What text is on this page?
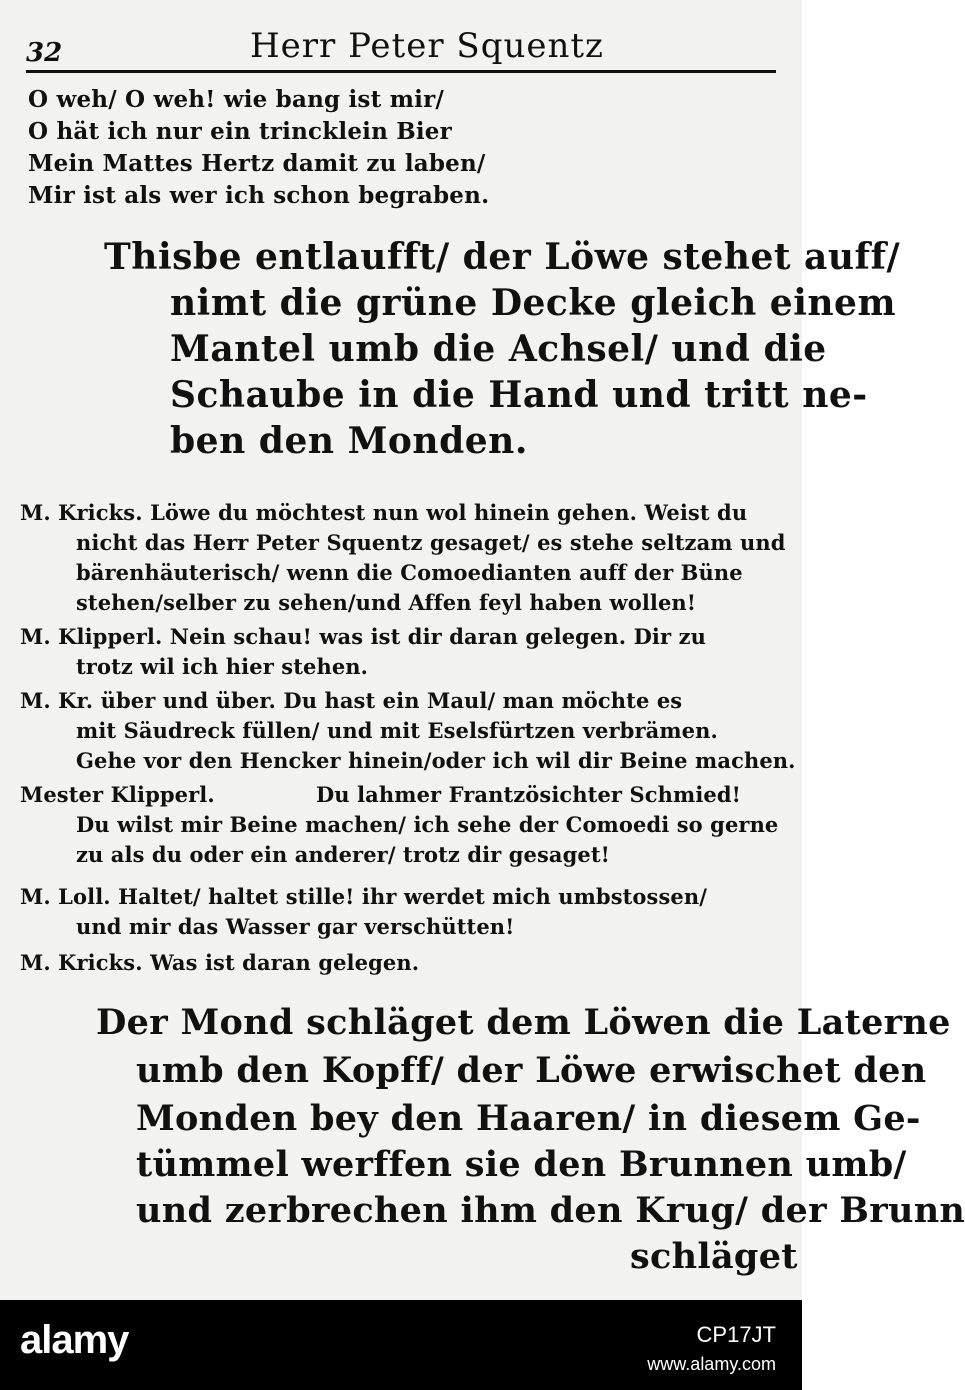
32	Herr Peter Squentz
O weh/ O weh! wie bang ist mir/
O hät ich nur ein trincklein Bier
Mein Mattes Hertz damit zu laben/
Mir ist als wer ich schon begraben.
Thisbe entlaufft/ der Löwe stehet auff/
nimt die grüne Decke gleich einem
Mantel umb die Achsel/ und die
Schaube in die Hand und tritt ne-
ben den Monden.
M. Kricks. Löwe du möchtest nun wol hinein gehen. Weist du
nicht das Herr Peter Squentz gesaget/ es stehe seltzam und
bärenhäuterisch/ wenn die Comoedianten auff der Büne
stehen/selber zu sehen/und Affen feyl haben wollen!
M. Klipperl. Nein schau! was ist dir daran gelegen. Dir zu
trotz wil ich hier stehen.
M. Kr. über und über. Du hast ein Maul/ man möchte es
mit Säudreck füllen/ und mit Eselsfürtzen verbrämen.
Gehe vor den Hencker hinein/oder ich wil dir Beine machen.
Mester Klipperl.	Du lahmer Frantzösichter Schmied!
Du wilst mir Beine machen/ ich sehe der Comoedi so gerne
zu als du oder ein anderer/ trotz dir gesaget!
M. Loll. Haltet/ haltet stille! ihr werdet mich umbstossen/
und mir das Wasser gar verschütten!
M. Kricks. Was ist daran gelegen.
Der Mond schläget dem Löwen die Laterne
umb den Kopff/ der Löwe erwischet den
Monden bey den Haaren/ in diesem Ge-
tümmel werffen sie den Brunnen umb/
und zerbrechen ihm den Krug/ der Brunn
schläget
alamy	CP17JT
www.alamy.com
